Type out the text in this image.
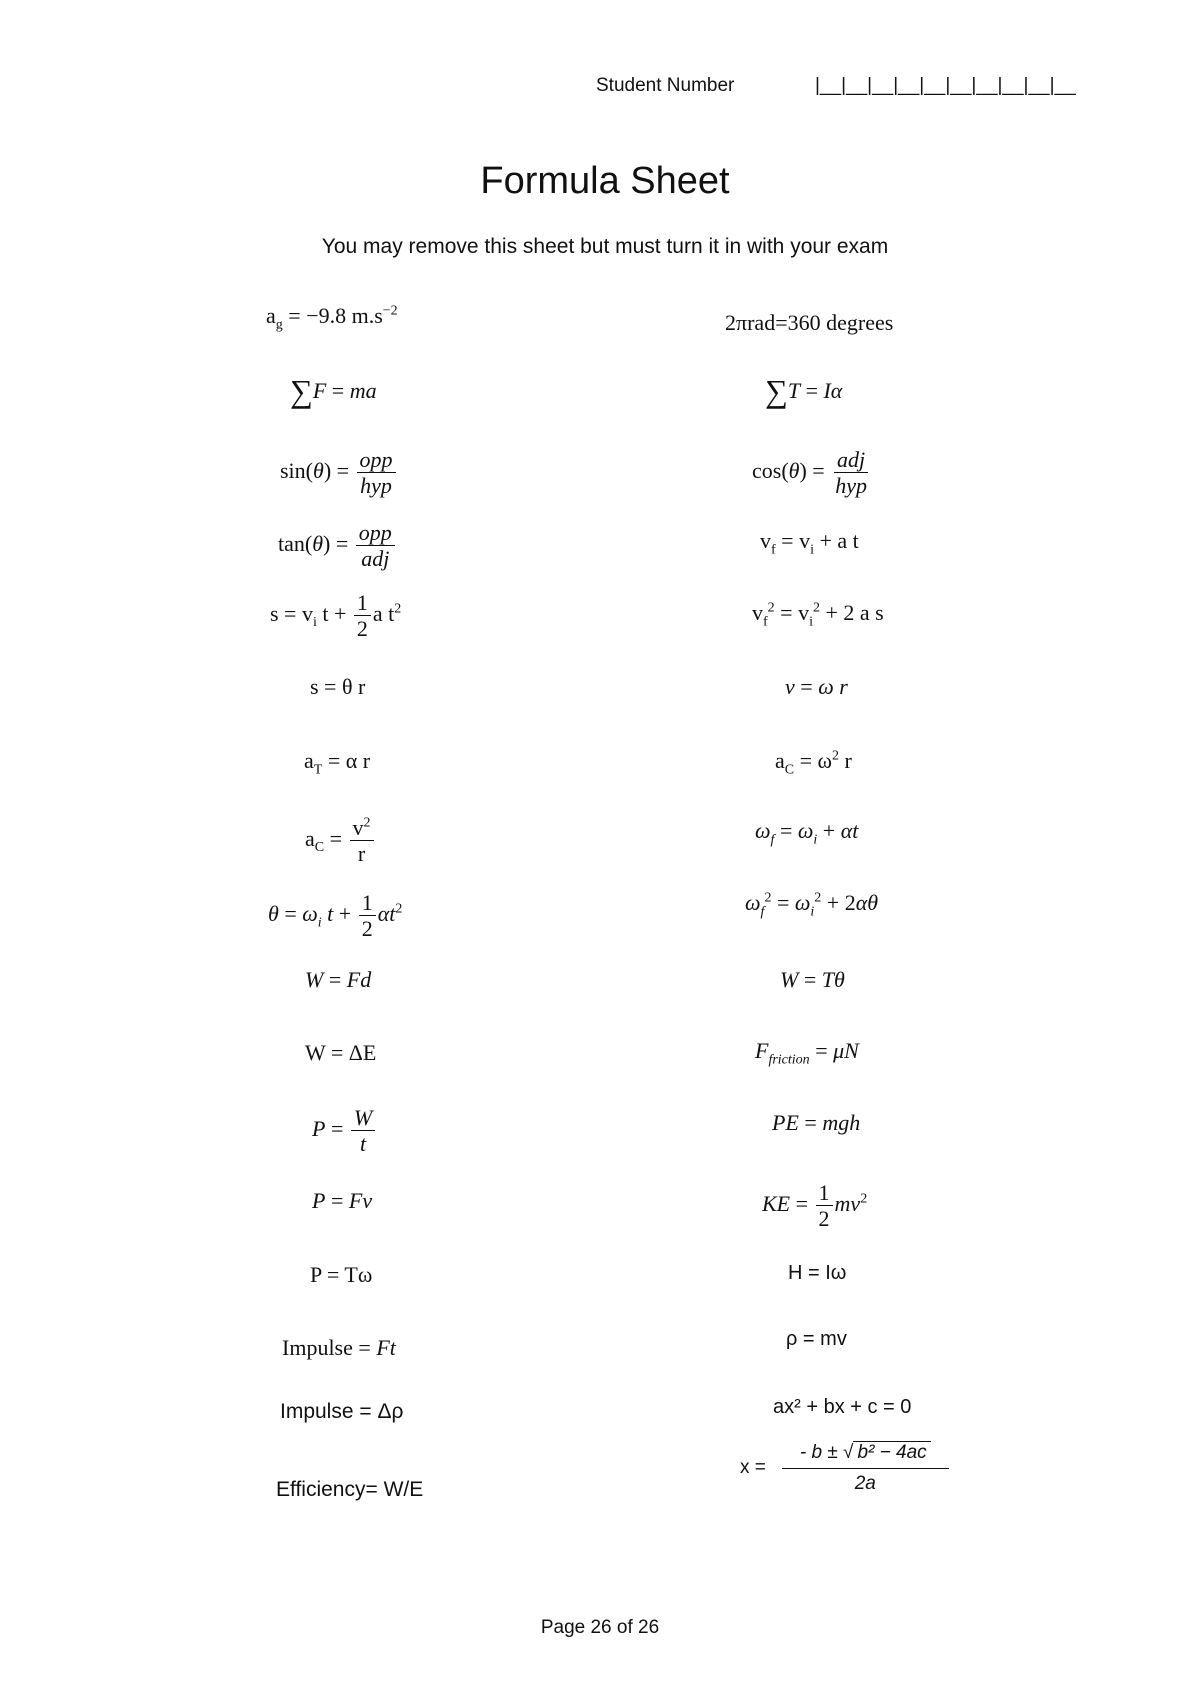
Student Number	|__|__|__|__|__|__|__|__|__|__
Formula Sheet
You may remove this sheet but must turn it in with your exam
$a_g = -9.8$ $m.s^{-2}$
∑F = ma
$\sin(\theta) = \frac{\text{opp}}{\text{hyp}}$
$\tan(\theta) = \frac{\text{opp}}{\text{adj}}$
$s = v_i$ $t + \frac{1}{2}$ a $t^2$
s = θ r
$a_T = \alpha$ r
$a_C = \frac{v^2}{r}$
$\theta = \omega_i$ $t + \frac{1}{2} \alpha t^2$
W = Fd
W = ΔE
$P = \frac{W}{t}$
P = Fv
P = Tω
Impulse = Ft
Impulse = Δρ
Efficiency= W/E
2πrad=360 degrees
∑T = Iα
$\cos(\theta) = \frac{\text{adj}}{\text{hyp}}$
$v_f = v_i + a$ t
$v_f^2 = v_i^2 + 2$ a s
v = ω r
$a_C = \omega^2$ r
$\omega_f = \omega_i + \alpha t$
$\omega_f^2 = \omega_i^2 + 2\alpha\theta$
W = Tθ
$F_{friction} = \mu N$
PE = mgh
KE = $\frac{1}{2} mv^2$
H = Iω
ρ = mv
ax² + bx + c = 0
$x = \frac{\text{- b ± √ b² − 4ac}}{2a}$
Page 26 of 26
